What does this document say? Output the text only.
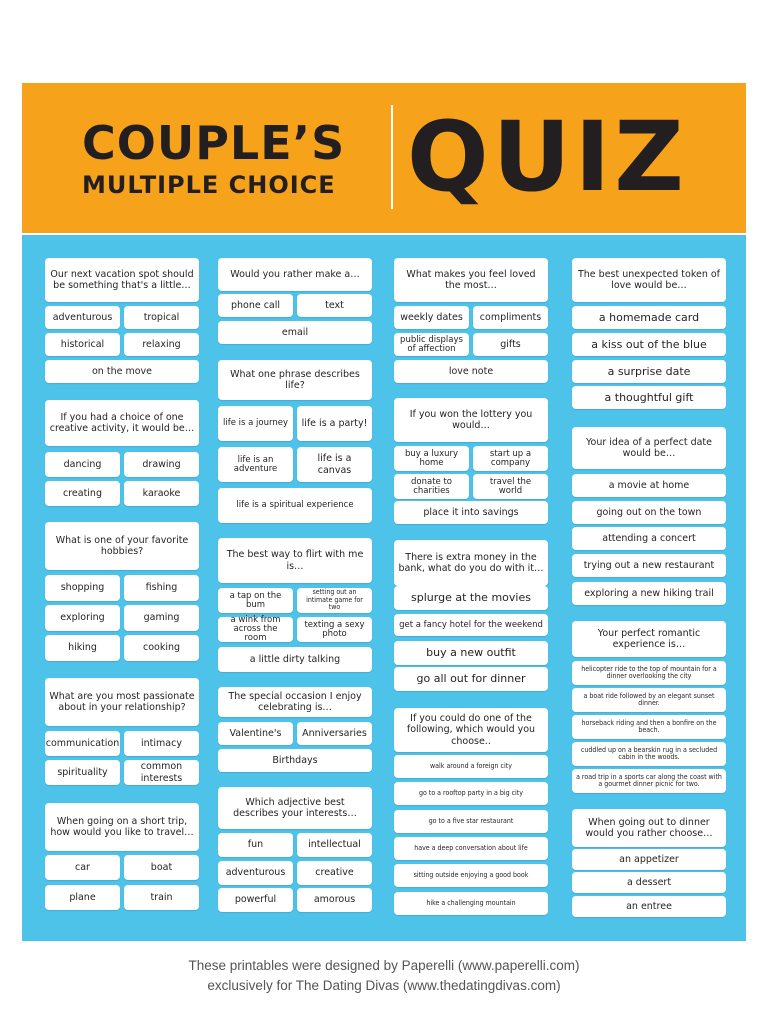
COUPLE’S
MULTIPLE CHOICE QUIZ
Our next vacation spot should be something that's a little…
adventurous	tropical
historical	relaxing
on the move
If you had a choice of one creative activity, it would be…
dancing	drawing
creating	karaoke
What is one of your favorite hobbies?
shopping	fishing
exploring	gaming
hiking	cooking
What are you most passionate about in your relationship?
communication	intimacy
spirituality
common interests
When going on a short trip, how would you like to travel…
car	boat
plane	train
Would you rather make a…
phone call	text
email
What one phrase describes life?
life is a journey	life is a party!
life is an adventure
life is a canvas
life is a spiritual experience
The best way to flirt with me is…
a tap on the bum
setting out an intimate game for two
a wink from across the room
texting a sexy photo
a little dirty talking
The special occasion I enjoy celebrating is…
Valentine's	Anniversaries
Birthdays
Which adjective best describes your interests…
fun	intellectual
adventurous	creative
powerful	amorous
What makes you feel loved the most…
weekly dates	compliments
public displays of affection	gifts
love note
If you won the lottery you would…
buy a luxury home
start up a company
donate to charities
travel the world
place it into savings
There is extra money in the bank, what do you do with it…
splurge at the movies
get a fancy hotel for the weekend
buy a new outfit
go all out for dinner
If you could do one of the following, which would you choose..
walk around a foreign city
go to a rooftop party in a big city
go to a five star restaurant
have a deep conversation about life
sitting outside enjoying a good book
hike a challenging mountain
The best unexpected token of love would be…
a homemade card
a kiss out of the blue
a surprise date
a thoughtful gift
Your idea of a perfect date would be…
a movie at home
going out on the town
attending a concert
trying out a new restaurant
exploring a new hiking trail
Your perfect romantic experience is…
helicopter ride to the top of mountain for a dinner overlooking the city
a boat ride followed by an elegant sunset dinner.
horseback riding and then a bonfire on the beach.
cuddled up on a bearskin rug in a secluded cabin in the woods.
a road trip in a sports car along the coast with a gourmet dinner picnic for two.
When going out to dinner would you rather choose…
an appetizer
a dessert
an entree
These printables were designed by Paperelli (www.paperelli.com)
exclusively for The Dating Divas (www.thedatingdivas.com)
